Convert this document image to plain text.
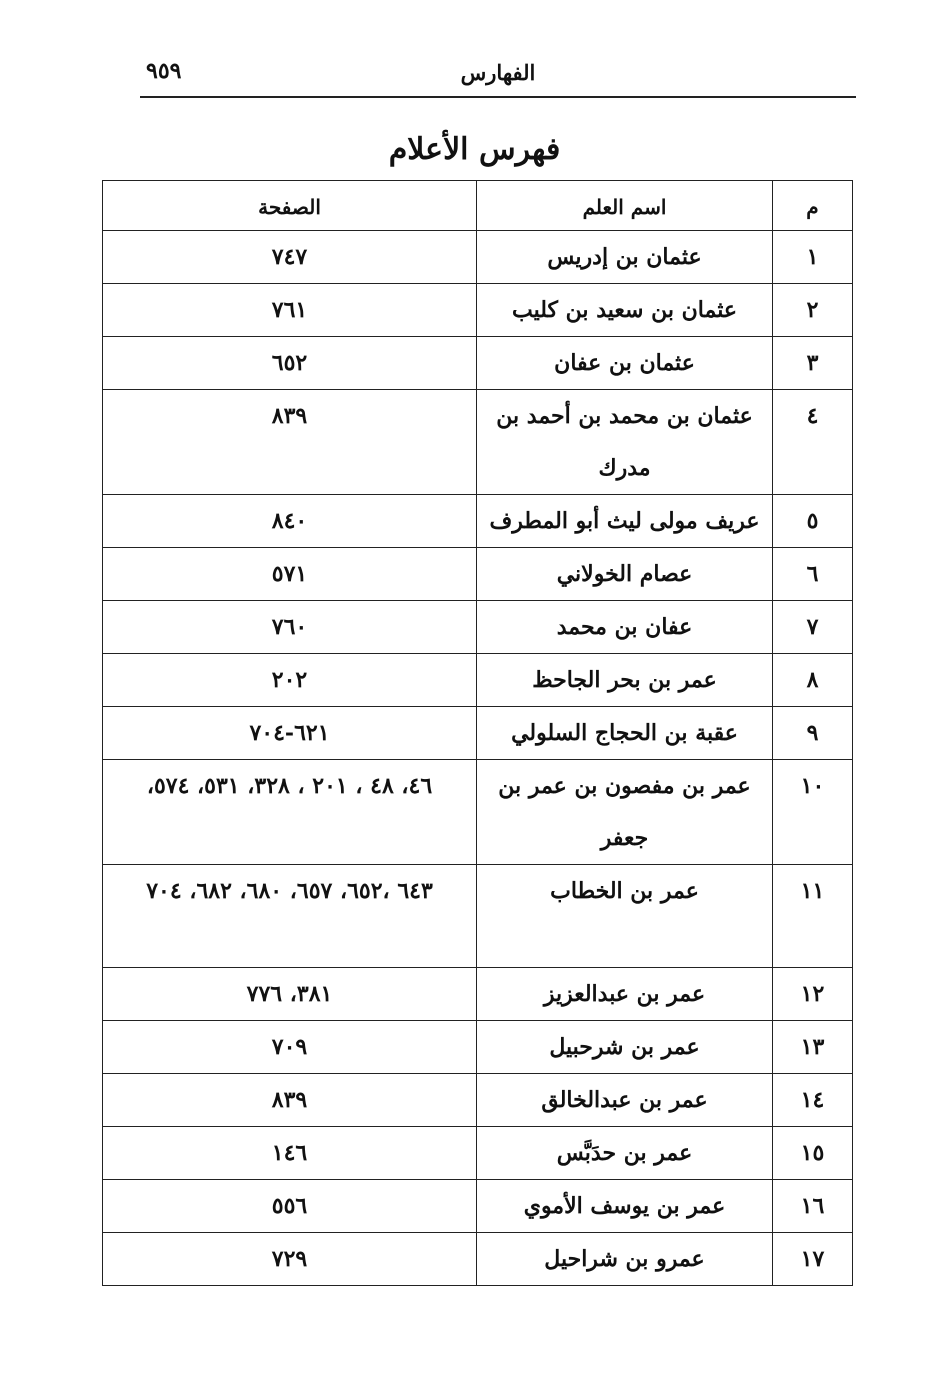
الفهارس
٩٥٩
فهرس الأعلام
م	اسم العلم	الصفحة
١	عثمان بن إدريس	٧٤٧
٢	عثمان بن سعيد بن كليب	٧٦١
٣	عثمان بن عفان	٦٥٢
٤	عثمان بن محمد بن أحمد بن مدرك	٨٣٩
٥	عريف مولى ليث أبو المطرف	٨٤٠
٦	عصام الخولاني	٥٧١
٧	عفان بن محمد	٧٦٠
٨	عمر بن بحر الجاحظ	٢٠٢
٩	عقبة بن الحجاج السلولي	٦٢١-٧٠٤
١٠	عمر بن مفصون بن عمر بن جعفر	٤٦، ٤٨ ، ٢٠١ ، ٣٢٨، ٥٣١، ٥٧٤،
١١	عمر بن الخطاب	٦٤٣ ،٦٥٢، ٦٥٧، ٦٨٠، ٦٨٢، ٧٠٤
١٢	عمر بن عبدالعزيز	٣٨١، ٧٧٦
١٣	عمر بن شرحبيل	٧٠٩
١٤	عمر بن عبدالخالق	٨٣٩
١٥	عمر بن حدَبَّس	١٤٦
١٦	عمر بن يوسف الأموي	٥٥٦
١٧	عمرو بن شراحيل	٧٢٩
